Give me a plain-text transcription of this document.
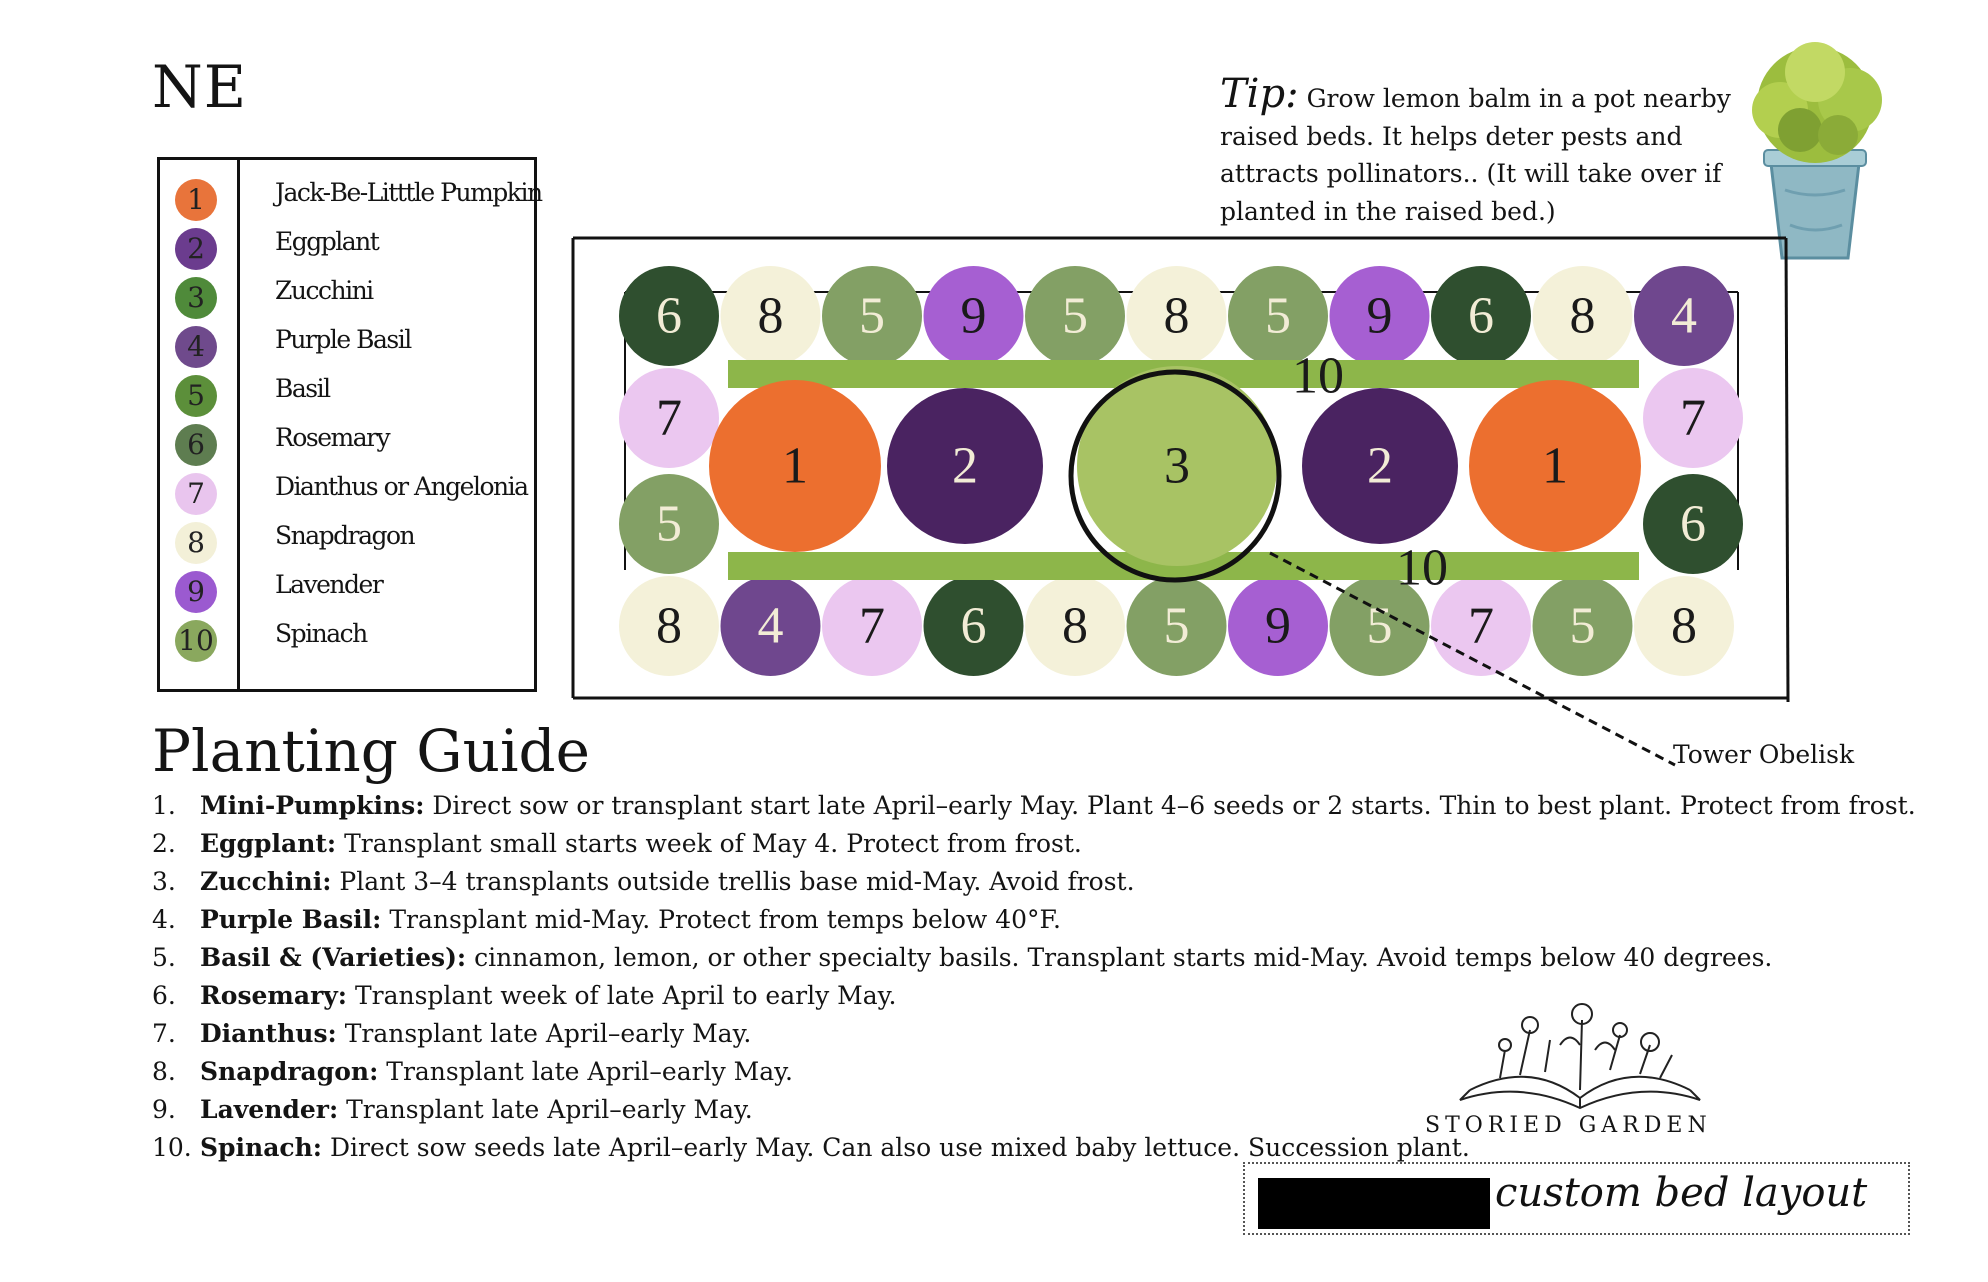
NE
1	Jack-Be-Litttle Pumpkin
2	Eggplant
3	Zucchini
4	Purple Basil
5	Basil
6	Rosemary
7	Dianthus or Angelonia
8	Snapdragon
9	Lavender
10 Spinach
Tip: Grow lemon balm in a pot nearby raised beds. It helps deter pests and attracts pollinators.. (It will take over if planted in the raised bed.)
6 8 5 9 5 8 5 9 6 8 4
8 4 7 6 8 5 9 5 7 5 8
7
5
7
6
10
10
1	2	3	2	1
Planting Guide
1. Mini-Pumpkins: Direct sow or transplant start late April–early May. Plant 4–6 seeds or 2 starts. Thin to best plant. Protect from frost.
2. Eggplant: Transplant small starts week of May 4. Protect from frost.
3. Zucchini: Plant 3–4 transplants outside trellis base mid-May. Avoid frost.
4. Purple Basil: Transplant mid-May. Protect from temps below 40°F.
5. Basil & (Varieties): cinnamon, lemon, or other specialty basils. Transplant starts mid-May. Avoid temps below 40 degrees.
6. Rosemary: Transplant week of late April to early May.
7. Dianthus: Transplant late April–early May.
8. Snapdragon: Transplant late April–early May.
9. Lavender: Transplant late April–early May.
10. Spinach: Direct sow seeds late April–early May. Can also use mixed baby lettuce. Succession plant.
Tower Obelisk
STORIED GARDEN
custom bed layout
